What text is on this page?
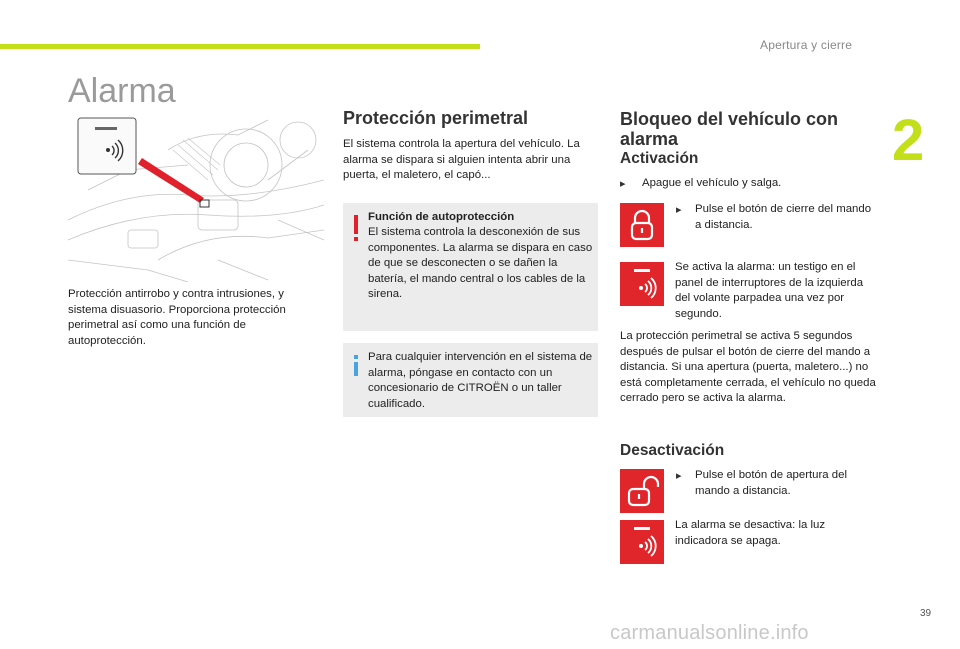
Apertura y cierre
2
Alarma
Protección antirrobo y contra intrusiones, y sistema disuasorio. Proporciona protección perimetral así como una función de autoprotección.
Protección perimetral
El sistema controla la apertura del vehículo. La alarma se dispara si alguien intenta abrir una puerta, el maletero, el capó...
Función de autoprotección
El sistema controla la desconexión de sus componentes. La alarma se dispara en caso de que se desconecten o se dañen la batería, el mando central o los cables de la sirena.
Para cualquier intervención en el sistema de alarma, póngase en contacto con un concesionario de CITROËN o un taller cualificado.
Bloqueo del vehículo con alarma
Activación
▸ Apague el vehículo y salga.
▸ Pulse el botón de cierre del mando a distancia.
Se activa la alarma: un testigo en el panel de interruptores de la izquierda del volante parpadea una vez por segundo.
La protección perimetral se activa 5 segundos después de pulsar el botón de cierre del mando a distancia. Si una apertura (puerta, maletero...) no está completamente cerrada, el vehículo no queda cerrado pero se activa la alarma.
Desactivación
▸ Pulse el botón de apertura del mando a distancia.
La alarma se desactiva: la luz indicadora se apaga.
39
carmanualsonline.info
